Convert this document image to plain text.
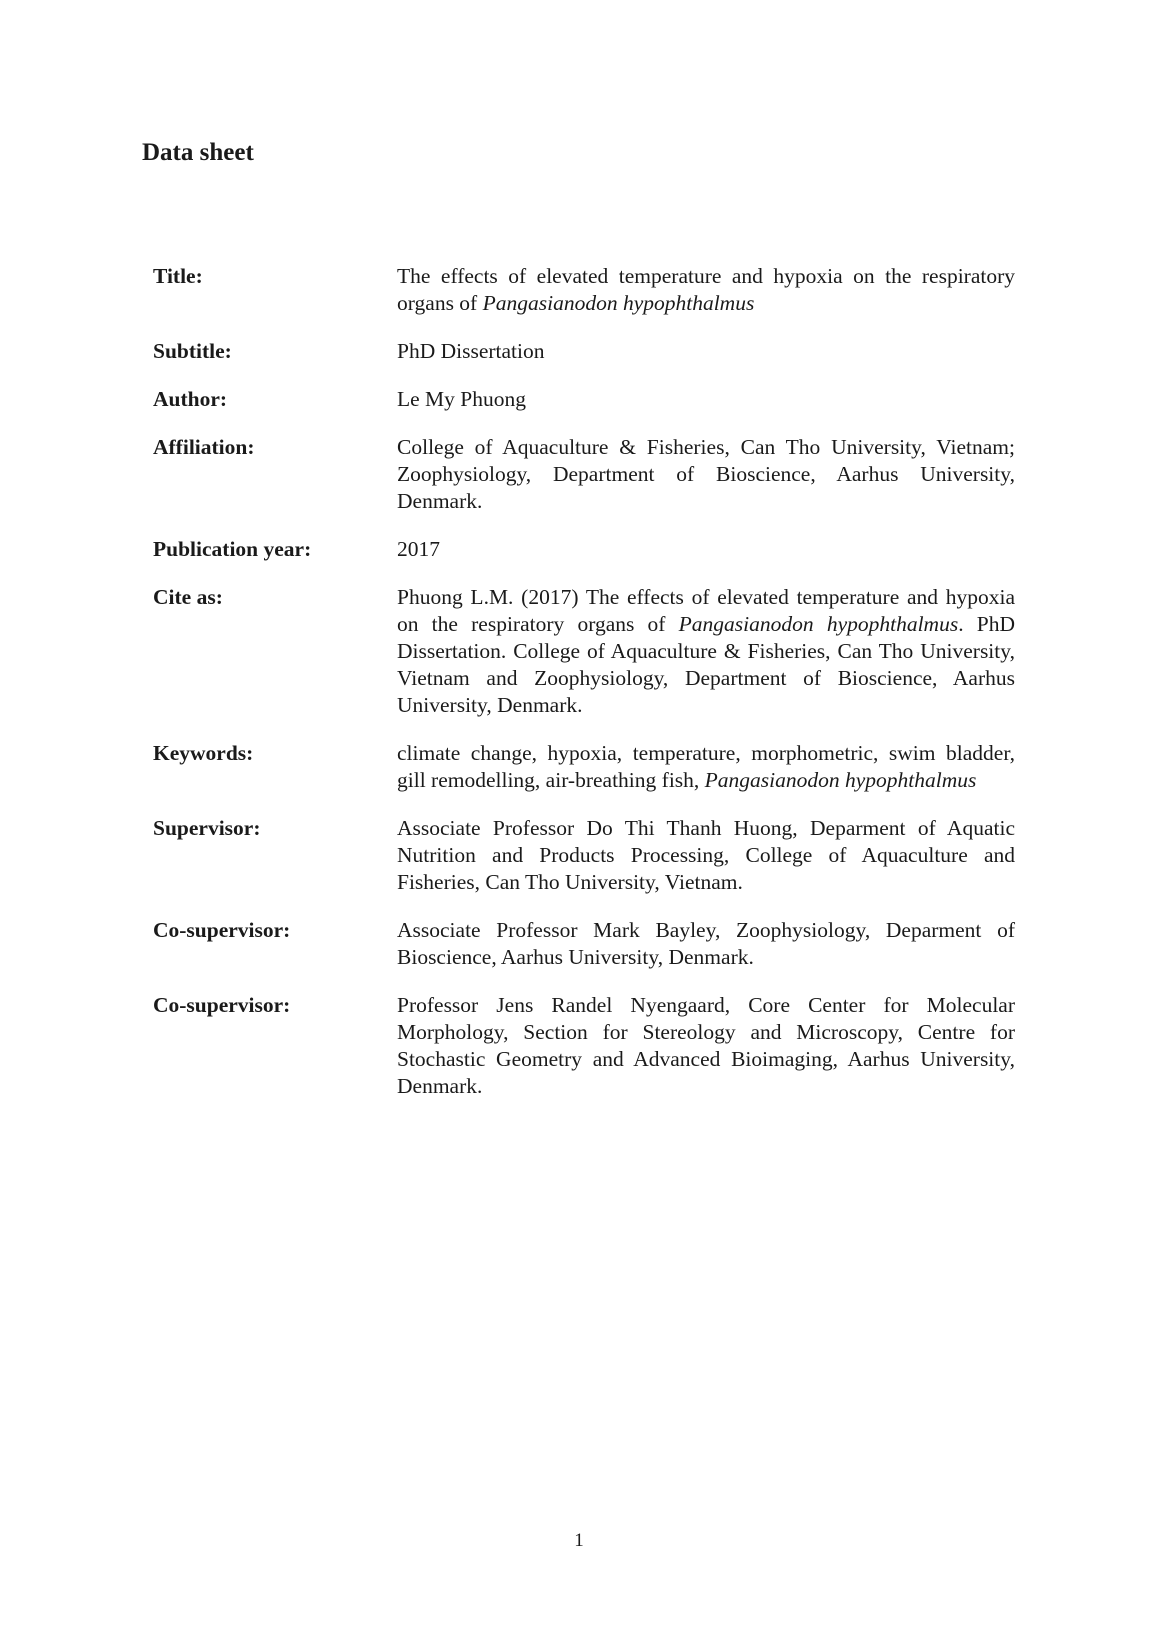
Data sheet
Title:	The effects of elevated temperature and hypoxia on the respiratory organs of Pangasianodon hypophthalmus
Subtitle:	PhD Dissertation
Author:	Le My Phuong
Affiliation:	College of Aquaculture & Fisheries, Can Tho University, Vietnam; Zoophysiology, Department of Bioscience, Aarhus University, Denmark.
Publication year:	2017
Cite as:	Phuong L.M. (2017) The effects of elevated temperature and hypoxia on the respiratory organs of Pangasianodon hypophthalmus. PhD Dissertation. College of Aquaculture & Fisheries, Can Tho University, Vietnam and Zoophysiology, Department of Bioscience, Aarhus University, Denmark.
Keywords:	climate change, hypoxia, temperature, morphometric, swim bladder, gill remodelling, air-breathing fish, Pangasianodon hypophthalmus
Supervisor:	Associate Professor Do Thi Thanh Huong, Deparment of Aquatic Nutrition and Products Processing, College of Aquaculture and Fisheries, Can Tho University, Vietnam.
Co-supervisor:	Associate Professor Mark Bayley, Zoophysiology, Deparment of Bioscience, Aarhus University, Denmark.
Co-supervisor:	Professor Jens Randel Nyengaard, Core Center for Molecular Morphology, Section for Stereology and Microscopy, Centre for Stochastic Geometry and Advanced Bioimaging, Aarhus University, Denmark.
1
